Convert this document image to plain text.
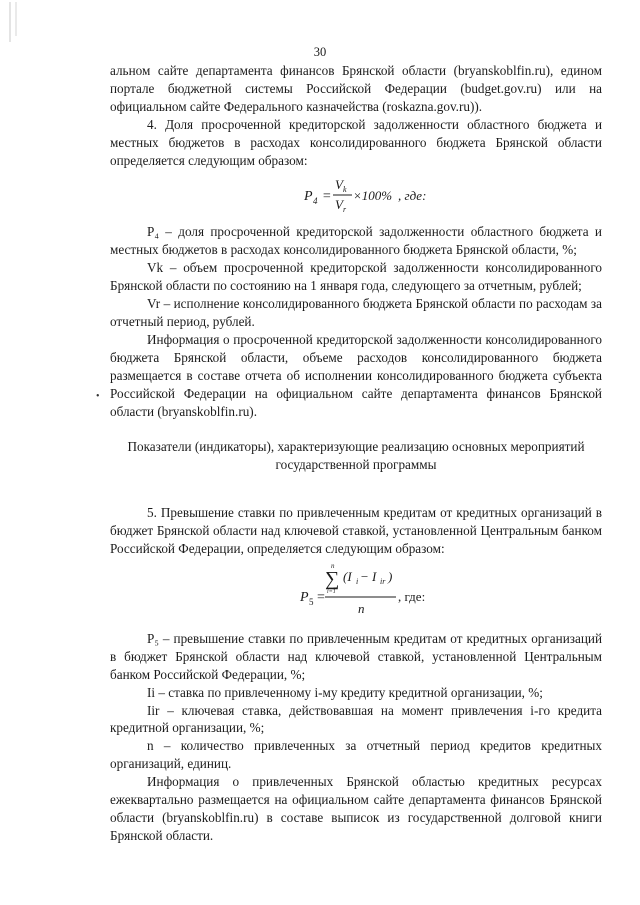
30
•

альном сайте департамента финансов Брянской области (bryanskoblfin.ru), едином портале бюджетной системы Российской Федерации (budget.gov.ru) или на официальном сайте Федерального казначейства (roskazna.gov.ru)).

4. Доля просроченной кредиторской задолженности областного бюджета и местных бюджетов в расходах консолидированного бюджета Брянской области определяется следующим образом:

P 4 =
V k
V r
×100% , где:

Р₄ – доля просроченной кредиторской задолженности областного бюджета и местных бюджетов в расходах консолидированного бюджета Брянской области, %;

Vk – объем просроченной кредиторской задолженности консолидированного Брянской области по состоянию на 1 января года, следующего за отчетным, рублей;

Vr – исполнение консолидированного бюджета Брянской области по расходам за отчетный период, рублей.

Информация о просроченной кредиторской задолженности консолидированного бюджета Брянской области, объеме расходов консолидированного бюджета размещается в составе отчета об исполнении консолидированного бюджета субъекта Российской Федерации на официальном сайте департамента финансов Брянской области (bryanskoblfin.ru).

Показатели (индикаторы), характеризующие реализацию основных мероприятий государственной программы

5. Превышение ставки по привлеченным кредитам от кредитных организаций в бюджет Брянской области над ключевой ставкой, установленной Центральным банком Российской Федерации, определяется следующим образом:

P 5 =
n
∑
i=1
(I i − I ir )
n
, где:

Р₅ – превышение ставки по привлеченным кредитам от кредитных организаций в бюджет Брянской области над ключевой ставкой, установленной Центральным банком Российской Федерации, %;

Ii – ставка по привлеченному i-му кредиту кредитной организации, %;

Iir – ключевая ставка, действовавшая на момент привлечения i-го кредита кредитной организации, %;

n – количество привлеченных за отчетный период кредитов кредитных организаций, единиц.

Информация о привлеченных Брянской областью кредитных ресурсах ежеквартально размещается на официальном сайте департамента финансов Брянской области (bryanskoblfin.ru) в составе выписок из государственной долговой книги Брянской области.
